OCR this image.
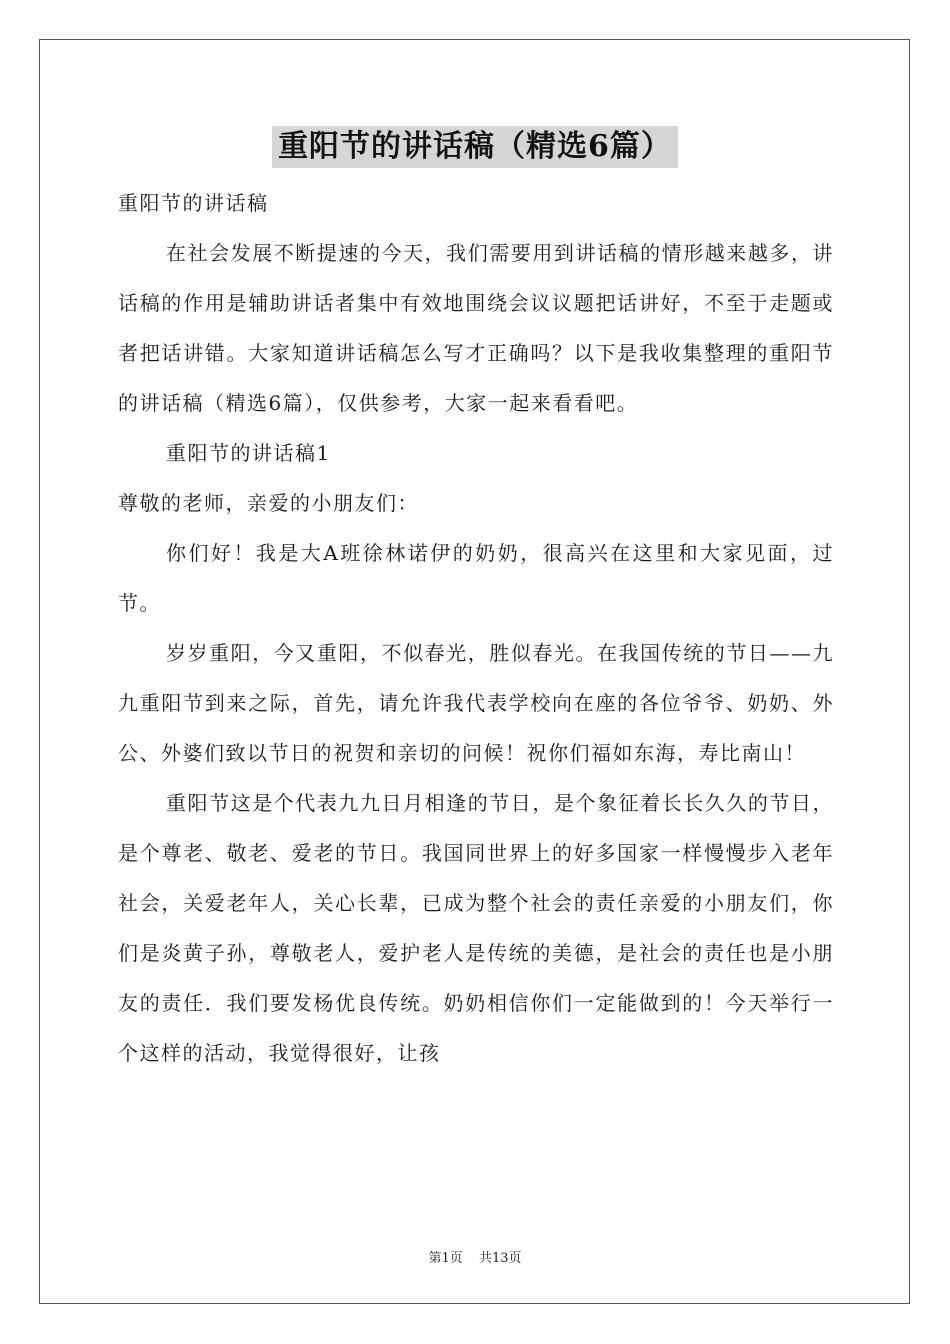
重阳节的讲话稿（精选6篇）

重阳节的讲话稿

在社会发展不断提速的今天，我们需要用到讲话稿的情形越来越多，讲话稿的作用是辅助讲话者集中有效地围绕会议议题把话讲好，不至于走题或者把话讲错。大家知道讲话稿怎么写才正确吗？以下是我收集整理的重阳节的讲话稿（精选6篇），仅供参考，大家一起来看看吧。

重阳节的讲话稿1

尊敬的老师，亲爱的小朋友们：

你们好！我是大A班徐林诺伊的奶奶，很高兴在这里和大家见面，过节。

岁岁重阳，今又重阳，不似春光，胜似春光。在我国传统的节日——九九重阳节到来之际，首先，请允许我代表学校向在座的各位爷爷、奶奶、外公、外婆们致以节日的祝贺和亲切的问候！祝你们福如东海，寿比南山！

重阳节这是个代表九九日月相逢的节日，是个象征着长长久久的节日，是个尊老、敬老、爱老的节日。我国同世界上的好多国家一样慢慢步入老年社会，关爱老年人，关心长辈，已成为整个社会的责任亲爱的小朋友们，你们是炎黄子孙，尊敬老人，爱护老人是传统的美德，是社会的责任也是小朋友的责任．我们要发杨优良传统。奶奶相信你们一定能做到的！今天举行一个这样的活动，我觉得很好，让孩

第1页 共13页
